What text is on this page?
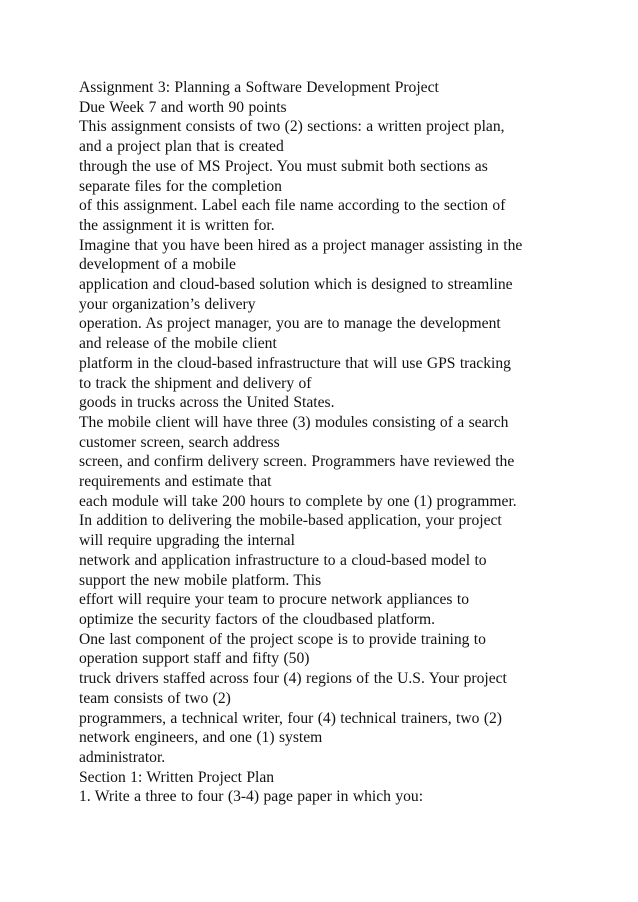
Assignment 3: Planning a Software Development Project
Due Week 7 and worth 90 points
This assignment consists of two (2) sections: a written project plan,
and a project plan that is created
through the use of MS Project. You must submit both sections as
separate files for the completion
of this assignment. Label each file name according to the section of
the assignment it is written for.
Imagine that you have been hired as a project manager assisting in the
development of a mobile
application and cloud-based solution which is designed to streamline
your organization’s delivery
operation. As project manager, you are to manage the development
and release of the mobile client
platform in the cloud-based infrastructure that will use GPS tracking
to track the shipment and delivery of
goods in trucks across the United States.
The mobile client will have three (3) modules consisting of a search
customer screen, search address
screen, and confirm delivery screen. Programmers have reviewed the
requirements and estimate that
each module will take 200 hours to complete by one (1) programmer.
In addition to delivering the mobile-based application, your project
will require upgrading the internal
network and application infrastructure to a cloud-based model to
support the new mobile platform. This
effort will require your team to procure network appliances to
optimize the security factors of the cloudbased platform.
One last component of the project scope is to provide training to
operation support staff and fifty (50)
truck drivers staffed across four (4) regions of the U.S. Your project
team consists of two (2)
programmers, a technical writer, four (4) technical trainers, two (2)
network engineers, and one (1) system
administrator.
Section 1: Written Project Plan
1. Write a three to four (3-4) page paper in which you:
